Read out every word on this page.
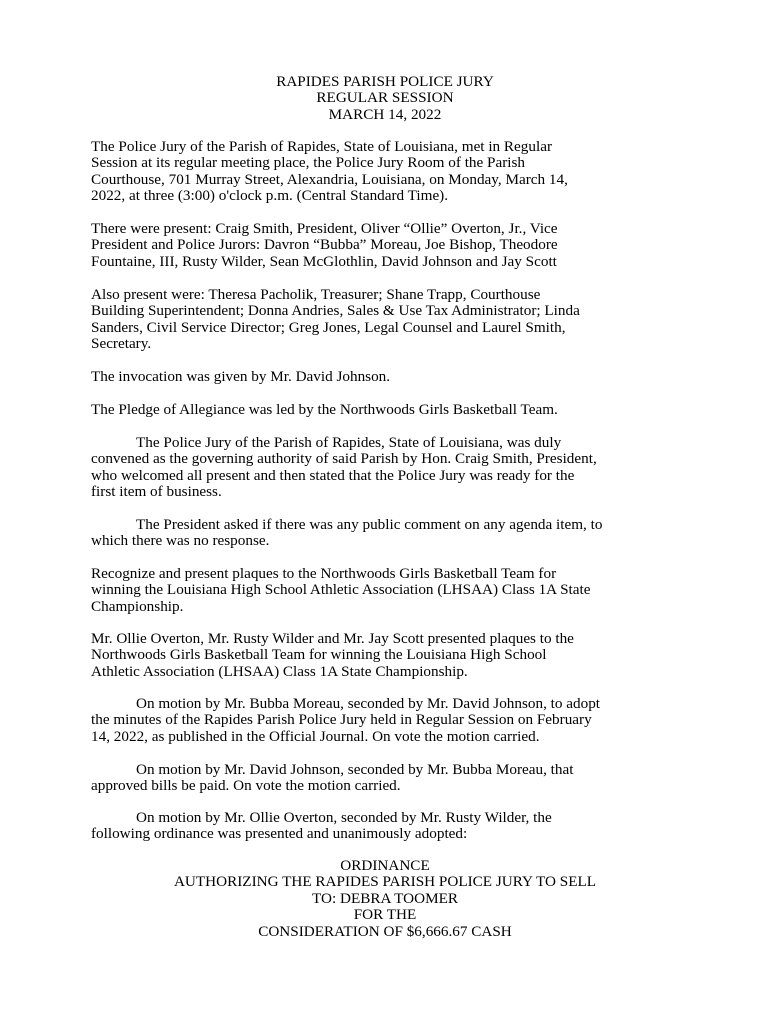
RAPIDES PARISH POLICE JURY
REGULAR SESSION
MARCH 14, 2022
The Police Jury of the Parish of Rapides, State of Louisiana, met in Regular
Session at its regular meeting place, the Police Jury Room of the Parish
Courthouse, 701 Murray Street, Alexandria, Louisiana, on Monday, March 14,
2022, at three (3:00) o'clock p.m. (Central Standard Time).
There were present: Craig Smith, President, Oliver “Ollie” Overton, Jr., Vice
President and Police Jurors: Davron “Bubba” Moreau, Joe Bishop, Theodore
Fountaine, III, Rusty Wilder, Sean McGlothlin, David Johnson and Jay Scott
Also present were: Theresa Pacholik, Treasurer; Shane Trapp, Courthouse
Building Superintendent; Donna Andries, Sales & Use Tax Administrator; Linda
Sanders, Civil Service Director; Greg Jones, Legal Counsel and Laurel Smith,
Secretary.
The invocation was given by Mr. David Johnson.
The Pledge of Allegiance was led by the Northwoods Girls Basketball Team.
The Police Jury of the Parish of Rapides, State of Louisiana, was duly
convened as the governing authority of said Parish by Hon. Craig Smith, President,
who welcomed all present and then stated that the Police Jury was ready for the
first item of business.
The President asked if there was any public comment on any agenda item, to
which there was no response.
Recognize and present plaques to the Northwoods Girls Basketball Team for
winning the Louisiana High School Athletic Association (LHSAA) Class 1A State
Championship.
Mr. Ollie Overton, Mr. Rusty Wilder and Mr. Jay Scott presented plaques to the
Northwoods Girls Basketball Team for winning the Louisiana High School
Athletic Association (LHSAA) Class 1A State Championship.
On motion by Mr. Bubba Moreau, seconded by Mr. David Johnson, to adopt
the minutes of the Rapides Parish Police Jury held in Regular Session on February
14, 2022, as published in the Official Journal. On vote the motion carried.
On motion by Mr. David Johnson, seconded by Mr. Bubba Moreau, that
approved bills be paid. On vote the motion carried.
On motion by Mr. Ollie Overton, seconded by Mr. Rusty Wilder, the
following ordinance was presented and unanimously adopted:
ORDINANCE
AUTHORIZING THE RAPIDES PARISH POLICE JURY TO SELL
TO: DEBRA TOOMER
FOR THE
CONSIDERATION OF $6,666.67 CASH
